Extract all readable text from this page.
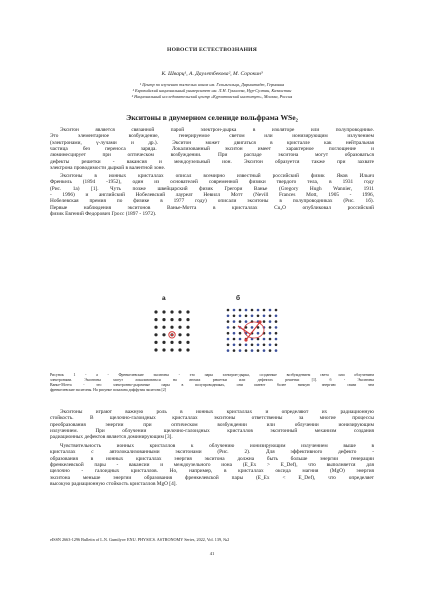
НОВОСТИ ЕСТЕСТВОЗНАНИЯ
К. Шварц¹, А. Даулетбекова², М. Сорокин³
¹ Центр по изучению тяжелых ионов им. Гельмгольца, Дармштадт, Германия
² Евразийский национальный университет им. Л.Н. Гумилева, Нур-Султан, Казахстан
³ Национальный исследовательский центр «Курчатовский институт», Москва, Россия
Экситоны в двумерном селениде вольфрама WSe₂
Экситон является связанной парой электрон-дырка в изоляторе или полупроводнике.
Это элементарное возбуждение, генерируемое светом или ионизирующим излучением
(электронами, γ-лучами и др.). Экситон может двигаться в кристалле как нейтральная
частица без переноса заряда. Локализованный экситон имеет характерное поглощение и
люминесцирует при оптическом возбуждении. При распаде экситона могут образоваться
дефекты решетки - вакансия и междоузельный ион. Экситон образуется также при захвате
электрона проводимости дыркой в валентной зоне.
Экситоны в ионных кристаллах описал всемирно известный российский физик Яков Ильич
Френкель (1894 -1952), один из основателей современной физики твердого тела, в 1931 году
(Рис. 1а) [1]. Чуть позже швейцарский физик Грегори Ванье (Gregory Hugh Wannier, 1911
- 1996) и английский Нобелевский лауреат Невилл Мотт (Nevill Frances Mott, 1905 - 1996,
Нобелевская премия по физике в 1977 году) описали экситоны в полупроводниках (Рис. 1б).
Первые наблюдения экситонов Ванье-Мотта в кристаллах Cu₂O опубликовал российский
физик Евгений Федорович Гросс (1897 - 1972).
а	б
Рисунок 1 - а - Френкелевские экситоны - это пары электрон-дырка, созданные возбуждением света или облучением
электронами. Экситоны могут локализоваться на атомах решетки или дефектах решетки [1]. б - Экситоны
Ванье-Мотта - это электронно-дырочные пары в полупроводниках, они имеют более низкую энергию связи чем
френкелевские экситоны. На рисунке показана диффузия экситона [2]
Экситоны играют важную роль в ионных кристаллах и определяют их радиационную
стойкость. В щелочно-галоидных кристаллах экситоны ответственны за многие процессы
преобразования энергии при оптическом возбуждении или облучении ионизирующим
излучением. При облучении щелочно-галоидных кристаллов экситонный механизм создания
радиационных дефектов является доминирующим [3].
Чувствительность ионных кристаллов к облучению ионизирующим излучением выше в
кристаллах с автолокализованными экситонами (Рис. 2). Для эффективного дефекто -
образования в ионных кристаллах энергия экситона должна быть больше энергии генерации
френкелевской пары - вакансии и междоузельного иона (E_Ex > E_Def), что выполняется для
щелочно - галоидных кристаллов. Но, например, в кристаллах оксида магния (MgO) энергия
экситона меньше энергии образования френкелевской пары (E_Ex < E_Def), что определяет
высокую радиационную стойкость кристаллов MgO [4].
eISSN 2663-1296 Bulletin of L.N. Gumilyov ENU. PHYSICS. ASTRONOMY Series, 2022, Vol. 139, №2
41
